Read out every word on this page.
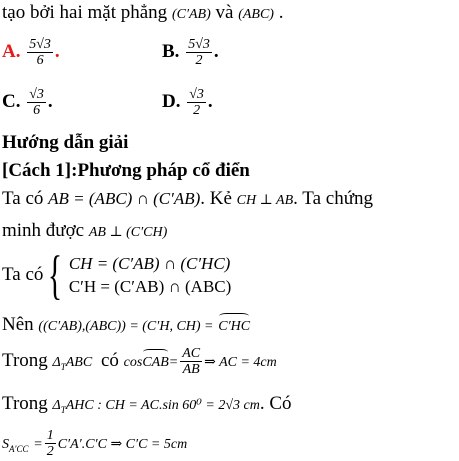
tạo bởi hai mặt phẳng (C′AB) và (ABC) .
A. $\frac{5√3}{6}$ .	B. $\frac{5√3}{2}$ .
C. $\frac{√3}{6}$ .	D. $\frac{√3}{2}$ .
Hướng dẫn giải
[Cách 1]:Phương pháp cổ điển
Ta có AB = (ABC) ∩ (C′AB). Kẻ CH ⊥ AB. Ta chứng
minh được AB ⊥ (C′CH)
Ta có { CH = (C′AB) ∩ (C′HC)
C′H = (C′AB) ∩ (ABC)
Nên ((C′AB),(ABC)) = (C′H, CH) = C′HC
Trong $\Delta_TABC$ có cosCAB= $\frac{AC}{AB}$ ⇒ AC = 4cm
Trong $\Delta_TAHC$ : CH = AC.sin 60⁰ = 2√3 cm. Có
$S_{A'CC} = \frac{1}{2} C'A'.C'C$ ⇒ C′C = 5cm
